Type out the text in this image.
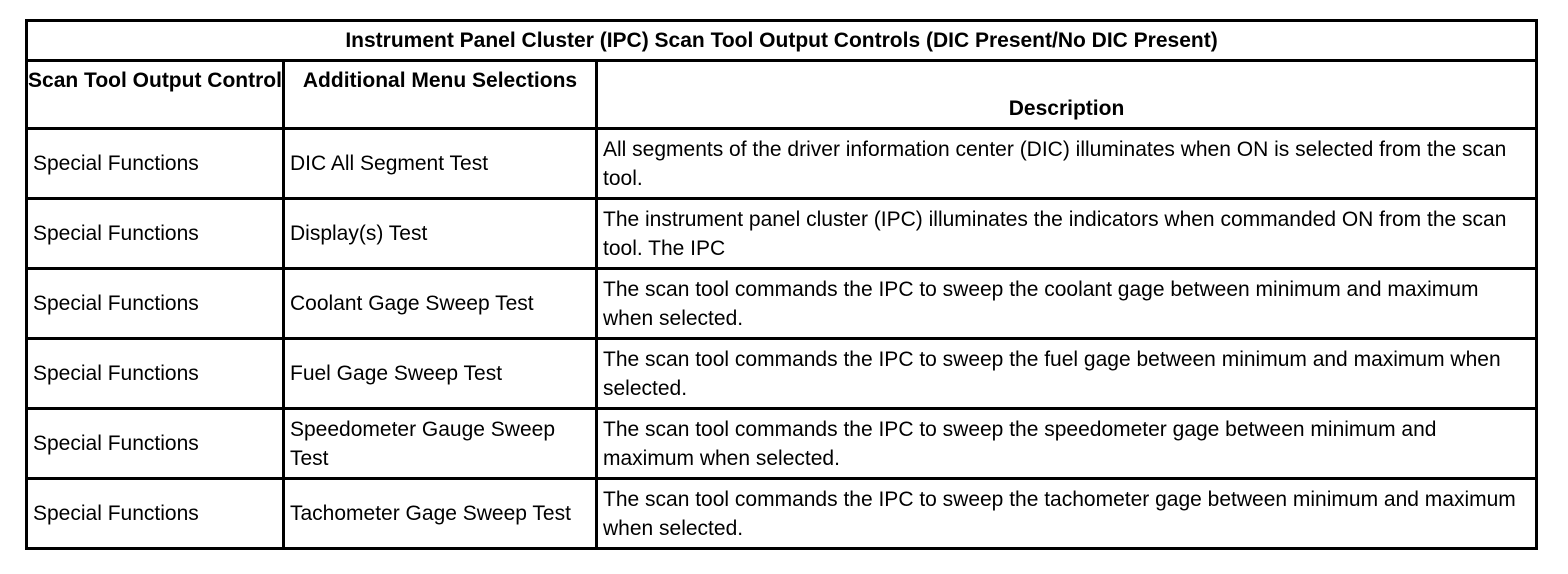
Instrument Panel Cluster (IPC) Scan Tool Output Controls (DIC Present/No DIC Present)		
Scan Tool Output Control	Additional Menu Selections	Description
Special Functions	DIC All Segment Test	All segments of the driver information center (DIC) illuminates when ON is selected from the scan tool.
Special Functions	Display(s) Test	The instrument panel cluster (IPC) illuminates the indicators when commanded ON from the scan tool. The IPC
Special Functions	Coolant Gage Sweep Test	The scan tool commands the IPC to sweep the coolant gage between minimum and maximum when selected.
Special Functions	Fuel Gage Sweep Test	The scan tool commands the IPC to sweep the fuel gage between minimum and maximum when selected.
Special Functions	Speedometer Gauge Sweep Test	The scan tool commands the IPC to sweep the speedometer gage between minimum and maximum when selected.
Special Functions	Tachometer Gage Sweep Test	The scan tool commands the IPC to sweep the tachometer gage between minimum and maximum when selected.
